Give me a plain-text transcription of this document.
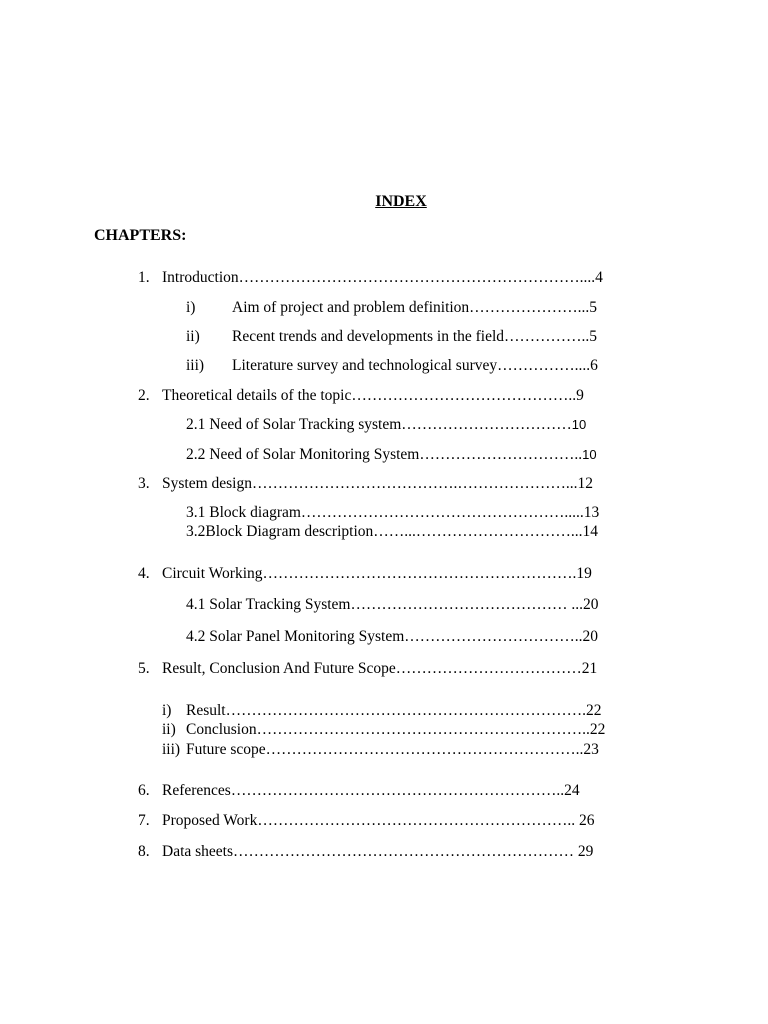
INDEX
CHAPTERS:
1. Introduction…………………………………………………………....4
i) Aim of project and problem definition…………………...5
ii) Recent trends and developments in the field……………..5
iii) Literature survey and technological survey……………....6
2. Theoretical details of the topic……………………………………..9
2.1 Need of Solar Tracking system……………………………10
2.2 Need of Solar Monitoring System…………………………..10
3. System design………………………………….…………………...12
3.1 Block diagram…………………………………………….....13
3.2Block Diagram description……...…………………………...14
4. Circuit Working…………………………………………………….19
4.1 Solar Tracking System…………………………………… ...20
4.2 Solar Panel Monitoring System……………………………..20
5. Result, Conclusion And Future Scope………………………………21
i) Result…………………………………………………………….22
ii) Conclusion………………………………………………………..22
iii) Future scope……………………………………………………..23
6. References………………………………………………………..24
7. Proposed Work…………………………………………………….. 26
8. Data sheets………………………………………………………… 29
